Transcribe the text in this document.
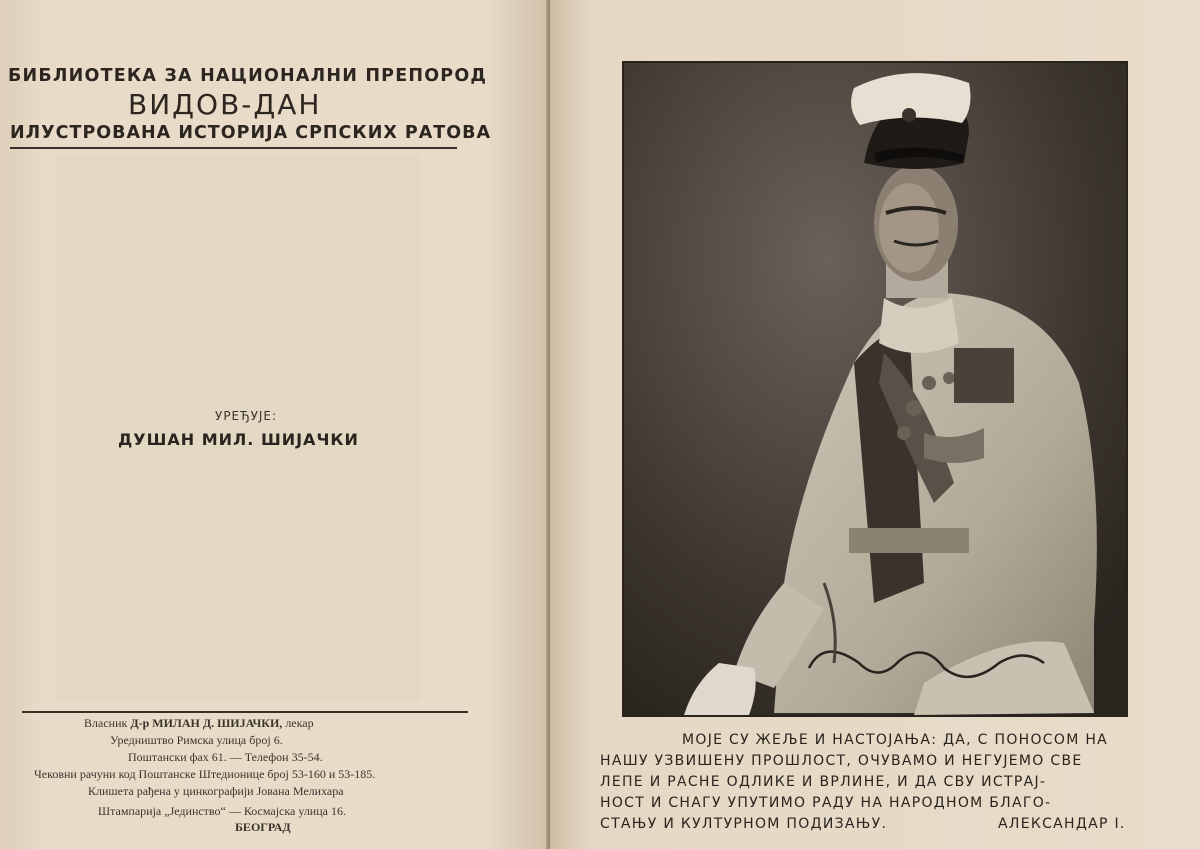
БИБЛИОТЕКА ЗА НАЦИОНАЛНИ ПРЕПОРОД
ВИДОВ-ДАН
ИЛУСТРОВАНА ИСТОРИЈА СРПСКИХ РАТОВА
УРЕЂУЈЕ:
ДУШАН МИЛ. ШИЈАЧКИ
Власник Д-р МИЛАН Д. ШИЈАЧКИ, лекар
Уредништво Римска улица број 6.
Поштански фах 61. — Телефон 35-54.
Чековни рачуни код Поштанске Штедионице број 53-160 и 53-185.
Клишета рађена у цинкографији Јована Мелихара
Штампарија „Јединство“ — Космајска улица 16.
БЕОГРАД
МОЈЕ СУ ЖЕЉЕ И НАСТОЈАЊА: ДА, С ПОНОСОМ НА
НАШУ УЗВИШЕНУ ПРОШЛОСТ, ОЧУВАМО И НЕГУЈЕМО СВЕ
ЛЕПЕ И РАСНЕ ОДЛИКЕ И ВРЛИНЕ, И ДА СВУ ИСТРАЈ-
НОСТ И СНАГУ УПУТИМО РАДУ НА НАРОДНОМ БЛАГО-
СТАЊУ И КУЛТУРНОМ ПОДИЗАЊУ.	АЛЕКСАНДАР I.
